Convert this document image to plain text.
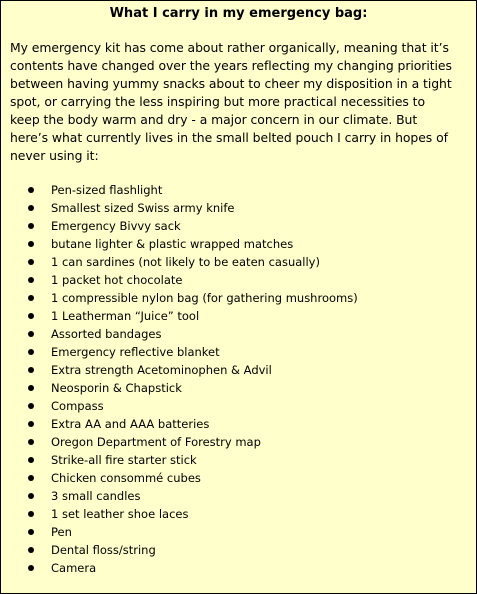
What I carry in my emergency bag:

My emergency kit has come about rather organically, meaning that it’s
contents have changed over the years reflecting my changing priorities
between having yummy snacks about to cheer my disposition in a tight
spot, or carrying the less inspiring but more practical necessities to
keep the body warm and dry - a major concern in our climate. But
here’s what currently lives in the small belted pouch I carry in hopes of
never using it:

Pen-sized flashlight
Smallest sized Swiss army knife
Emergency Bivvy sack
butane lighter & plastic wrapped matches
1 can sardines (not likely to be eaten casually)
1 packet hot chocolate
1 compressible nylon bag (for gathering mushrooms)
1 Leatherman “Juice” tool
Assorted bandages
Emergency reflective blanket
Extra strength Acetominophen & Advil
Neosporin & Chapstick
Compass
Extra AA and AAA batteries
Oregon Department of Forestry map
Strike-all fire starter stick
Chicken consommé cubes
3 small candles
1 set leather shoe laces
Pen
Dental floss/string
Camera
